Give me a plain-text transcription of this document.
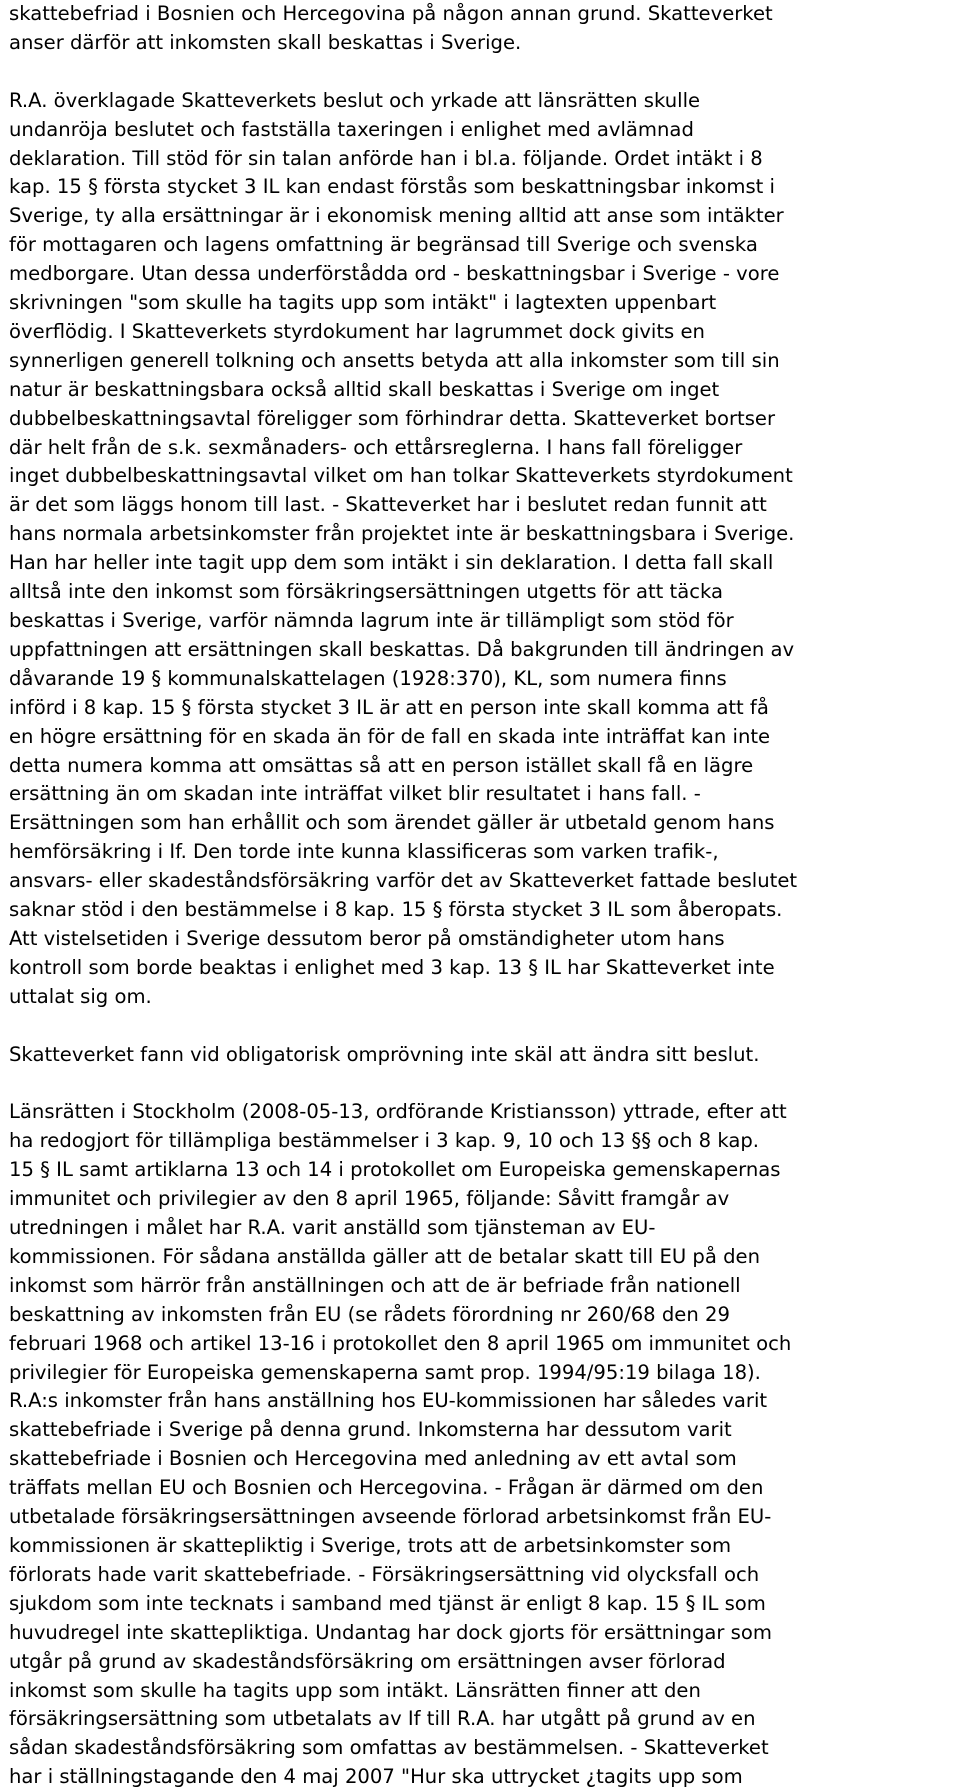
skattebefriad i Bosnien och Hercegovina på någon annan grund. Skatteverket
anser därför att inkomsten skall beskattas i Sverige.

R.A. överklagade Skatteverkets beslut och yrkade att länsrätten skulle
undanröja beslutet och fastställa taxeringen i enlighet med avlämnad
deklaration. Till stöd för sin talan anförde han i bl.a. följande. Ordet intäkt i 8
kap. 15 § första stycket 3 IL kan endast förstås som beskattningsbar inkomst i
Sverige, ty alla ersättningar är i ekonomisk mening alltid att anse som intäkter
för mottagaren och lagens omfattning är begränsad till Sverige och svenska
medborgare. Utan dessa underförstådda ord - beskattningsbar i Sverige - vore
skrivningen "som skulle ha tagits upp som intäkt" i lagtexten uppenbart
överflödig. I Skatteverkets styrdokument har lagrummet dock givits en
synnerligen generell tolkning och ansetts betyda att alla inkomster som till sin
natur är beskattningsbara också alltid skall beskattas i Sverige om inget
dubbelbeskattningsavtal föreligger som förhindrar detta. Skatteverket bortser
där helt från de s.k. sexmånaders- och ettårsreglerna. I hans fall föreligger
inget dubbelbeskattningsavtal vilket om han tolkar Skatteverkets styrdokument
är det som läggs honom till last. - Skatteverket har i beslutet redan funnit att
hans normala arbetsinkomster från projektet inte är beskattningsbara i Sverige.
Han har heller inte tagit upp dem som intäkt i sin deklaration. I detta fall skall
alltså inte den inkomst som försäkringsersättningen utgetts för att täcka
beskattas i Sverige, varför nämnda lagrum inte är tillämpligt som stöd för
uppfattningen att ersättningen skall beskattas. Då bakgrunden till ändringen av
dåvarande 19 § kommunalskattelagen (1928:370), KL, som numera finns
införd i 8 kap. 15 § första stycket 3 IL är att en person inte skall komma att få
en högre ersättning för en skada än för de fall en skada inte inträffat kan inte
detta numera komma att omsättas så att en person istället skall få en lägre
ersättning än om skadan inte inträffat vilket blir resultatet i hans fall. -
Ersättningen som han erhållit och som ärendet gäller är utbetald genom hans
hemförsäkring i If. Den torde inte kunna klassificeras som varken trafik-,
ansvars- eller skadeståndsförsäkring varför det av Skatteverket fattade beslutet
saknar stöd i den bestämmelse i 8 kap. 15 § första stycket 3 IL som åberopats.
Att vistelsetiden i Sverige dessutom beror på omständigheter utom hans
kontroll som borde beaktas i enlighet med 3 kap. 13 § IL har Skatteverket inte
uttalat sig om.

Skatteverket fann vid obligatorisk omprövning inte skäl att ändra sitt beslut.

Länsrätten i Stockholm (2008-05-13, ordförande Kristiansson) yttrade, efter att
ha redogjort för tillämpliga bestämmelser i 3 kap. 9, 10 och 13 §§ och 8 kap.
15 § IL samt artiklarna 13 och 14 i protokollet om Europeiska gemenskapernas
immunitet och privilegier av den 8 april 1965, följande: Såvitt framgår av
utredningen i målet har R.A. varit anställd som tjänsteman av EU-
kommissionen. För sådana anställda gäller att de betalar skatt till EU på den
inkomst som härrör från anställningen och att de är befriade från nationell
beskattning av inkomsten från EU (se rådets förordning nr 260/68 den 29
februari 1968 och artikel 13-16 i protokollet den 8 april 1965 om immunitet och
privilegier för Europeiska gemenskaperna samt prop. 1994/95:19 bilaga 18).
R.A:s inkomster från hans anställning hos EU-kommissionen har således varit
skattebefriade i Sverige på denna grund. Inkomsterna har dessutom varit
skattebefriade i Bosnien och Hercegovina med anledning av ett avtal som
träffats mellan EU och Bosnien och Hercegovina. - Frågan är därmed om den
utbetalade försäkringsersättningen avseende förlorad arbetsinkomst från EU-
kommissionen är skattepliktig i Sverige, trots att de arbetsinkomster som
förlorats hade varit skattebefriade. - Försäkringsersättning vid olycksfall och
sjukdom som inte tecknats i samband med tjänst är enligt 8 kap. 15 § IL som
huvudregel inte skattepliktiga. Undantag har dock gjorts för ersättningar som
utgår på grund av skadeståndsförsäkring om ersättningen avser förlorad
inkomst som skulle ha tagits upp som intäkt. Länsrätten finner att den
försäkringsersättning som utbetalats av If till R.A. har utgått på grund av en
sådan skadeståndsförsäkring som omfattas av bestämmelsen. - Skatteverket
har i ställningstagande den 4 maj 2007 "Hur ska uttrycket ¿tagits upp som
